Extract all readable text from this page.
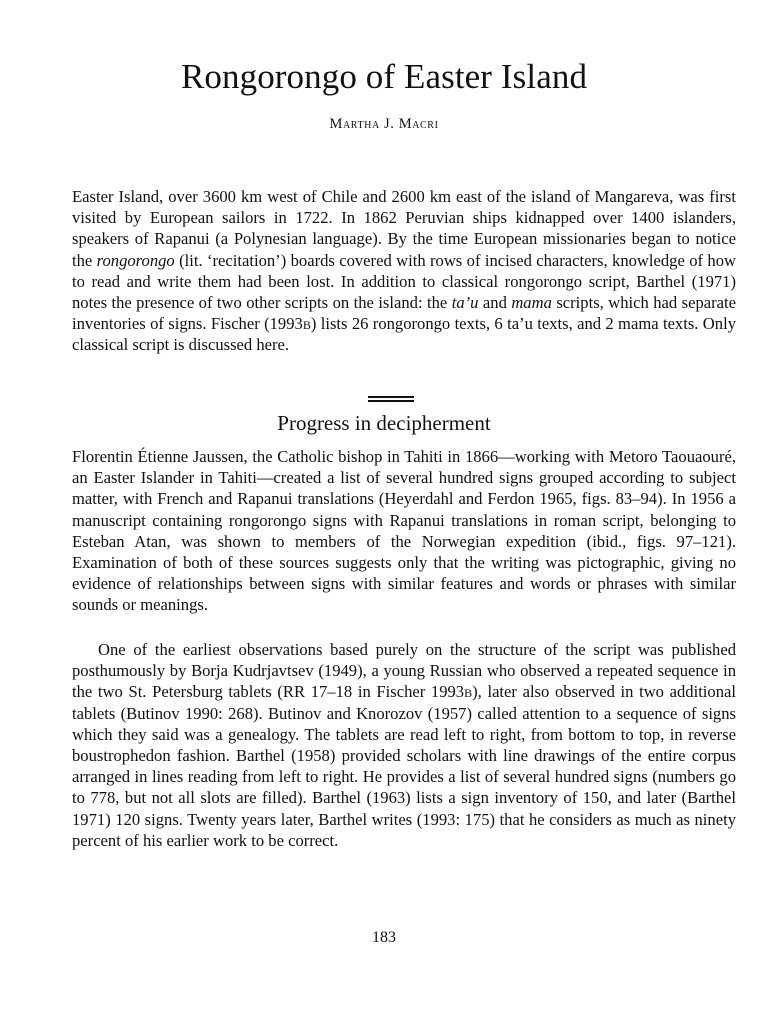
Rongorongo of Easter Island

Martha J. Macri

Easter Island, over 3600 km west of Chile and 2600 km east of the island of Mangareva, was first visited by European sailors in 1722. In 1862 Peruvian ships kidnapped over 1400 islanders, speakers of Rapanui (a Polynesian language). By the time European missionaries began to notice the rongorongo (lit. ‘recitation’) boards covered with rows of incised characters, knowledge of how to read and write them had been lost. In addition to classical rongorongo script, Barthel (1971) notes the presence of two other scripts on the island: the ta’u and mama scripts, which had separate inventories of signs. Fischer (1993b) lists 26 rongorongo texts, 6 ta’u texts, and 2 mama texts. Only classical script is discussed here.

Progress in decipherment

Florentin Étienne Jaussen, the Catholic bishop in Tahiti in 1866—working with Metoro Taouaouré, an Easter Islander in Tahiti—created a list of several hundred signs grouped according to subject matter, with French and Rapanui translations (Heyerdahl and Ferdon 1965, figs. 83–94). In 1956 a manuscript containing rongorongo signs with Rapanui translations in roman script, belonging to Esteban Atan, was shown to members of the Norwegian expedition (ibid., figs. 97–121). Examination of both of these sources suggests only that the writing was pictographic, giving no evidence of relationships between signs with similar features and words or phrases with similar sounds or meanings.

One of the earliest observations based purely on the structure of the script was published posthumously by Borja Kudrjavtsev (1949), a young Russian who observed a repeated sequence in the two St. Petersburg tablets (RR 17–18 in Fischer 1993b), later also observed in two additional tablets (Butinov 1990: 268). Butinov and Knorozov (1957) called attention to a sequence of signs which they said was a genealogy. The tablets are read left to right, from bottom to top, in reverse boustrophedon fashion. Barthel (1958) provided scholars with line drawings of the entire corpus arranged in lines reading from left to right. He provides a list of several hundred signs (numbers go to 778, but not all slots are filled). Barthel (1963) lists a sign inventory of 150, and later (Barthel 1971) 120 signs. Twenty years later, Barthel writes (1993: 175) that he considers as much as ninety percent of his earlier work to be correct.

183
